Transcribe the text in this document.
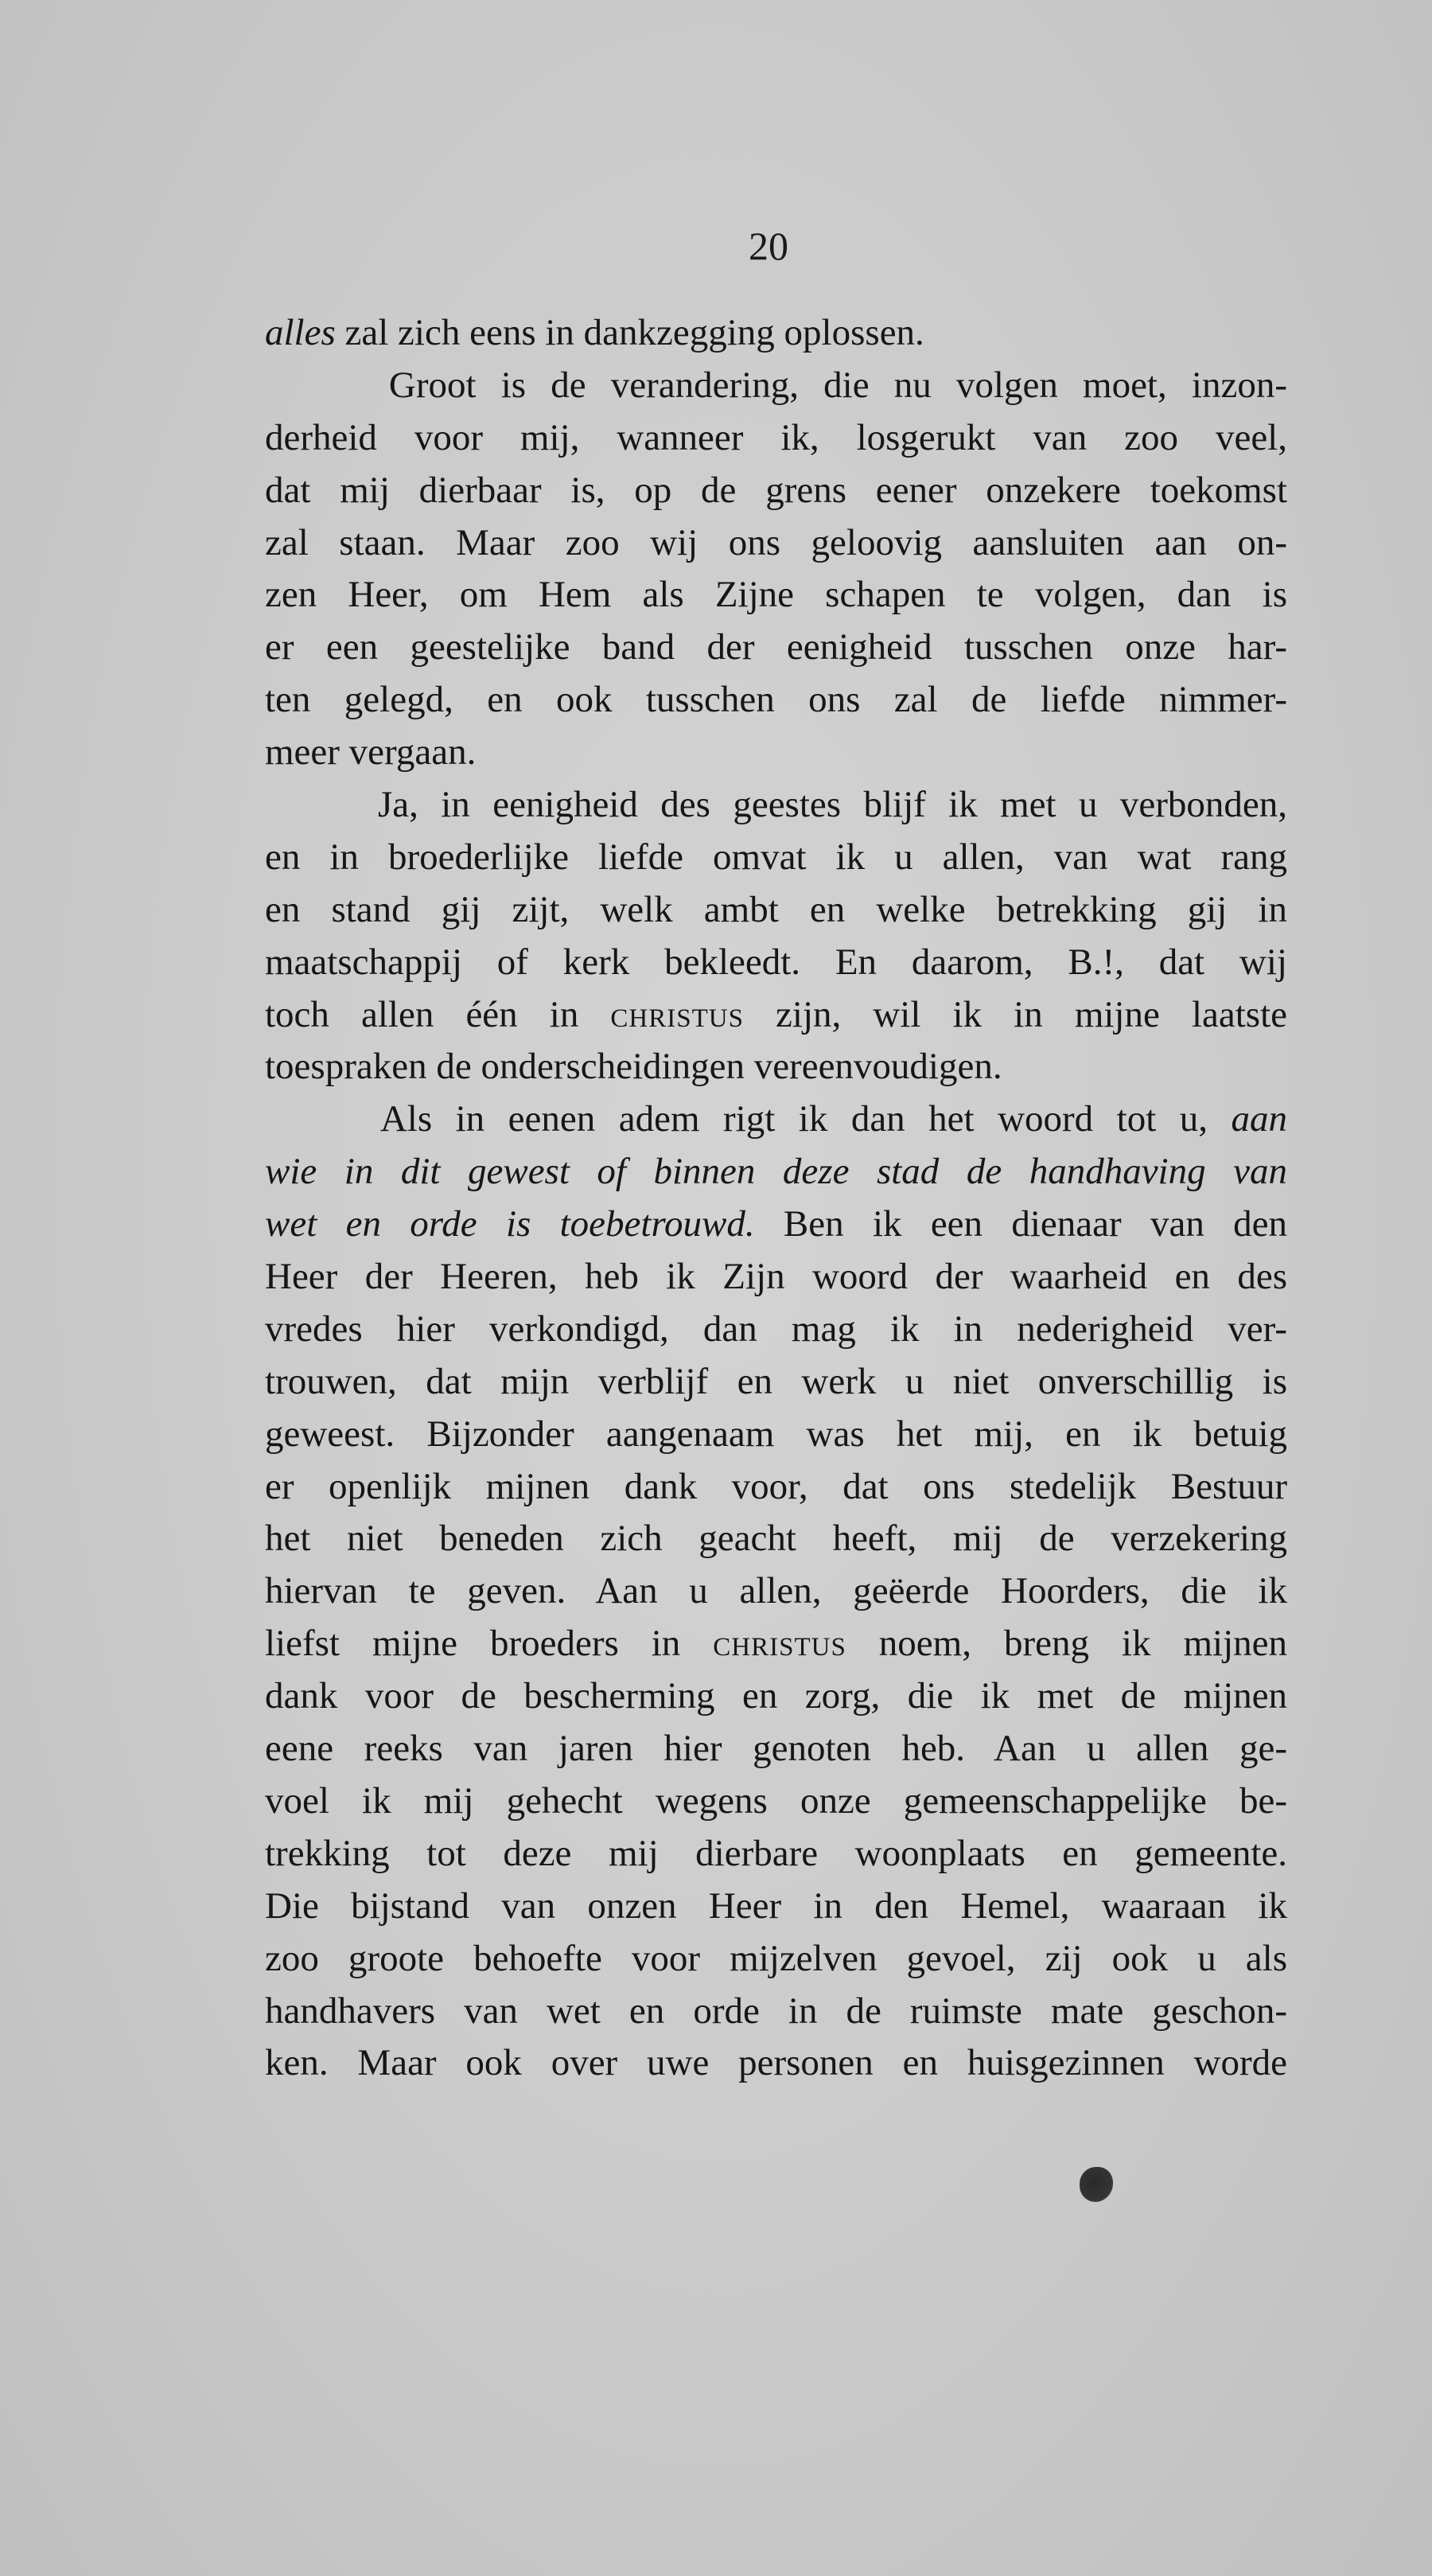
20
alles zal zich eens in dankzegging oplossen.
Groot is de verandering, die nu volgen moet, inzon-
derheid voor mij, wanneer ik, losgerukt van zoo veel,
dat mij dierbaar is, op de grens eener onzekere toekomst
zal staan. Maar zoo wij ons geloovig aansluiten aan on-
zen Heer, om Hem als Zijne schapen te volgen, dan is
er een geestelijke band der eenigheid tusschen onze har-
ten gelegd, en ook tusschen ons zal de liefde nimmer-
meer vergaan.
Ja, in eenigheid des geestes blijf ik met u verbonden,
en in broederlijke liefde omvat ik u allen, van wat rang
en stand gij zijt, welk ambt en welke betrekking gij in
maatschappij of kerk bekleedt. En daarom, B.!, dat wij
toch allen één in christus zijn, wil ik in mijne laatste
toespraken de onderscheidingen vereenvoudigen.
Als in eenen adem rigt ik dan het woord tot u, aan
wie in dit gewest of binnen deze stad de handhaving van
wet en orde is toebetrouwd. Ben ik een dienaar van den
Heer der Heeren, heb ik Zijn woord der waarheid en des
vredes hier verkondigd, dan mag ik in nederigheid ver-
trouwen, dat mijn verblijf en werk u niet onverschillig is
geweest. Bijzonder aangenaam was het mij, en ik betuig
er openlijk mijnen dank voor, dat ons stedelijk Bestuur
het niet beneden zich geacht heeft, mij de verzekering
hiervan te geven. Aan u allen, geëerde Hoorders, die ik
liefst mijne broeders in christus noem, breng ik mijnen
dank voor de bescherming en zorg, die ik met de mijnen
eene reeks van jaren hier genoten heb. Aan u allen ge-
voel ik mij gehecht wegens onze gemeenschappelijke be-
trekking tot deze mij dierbare woonplaats en gemeente.
Die bijstand van onzen Heer in den Hemel, waaraan ik
zoo groote behoefte voor mijzelven gevoel, zij ook u als
handhavers van wet en orde in de ruimste mate geschon-
ken. Maar ook over uwe personen en huisgezinnen worde
